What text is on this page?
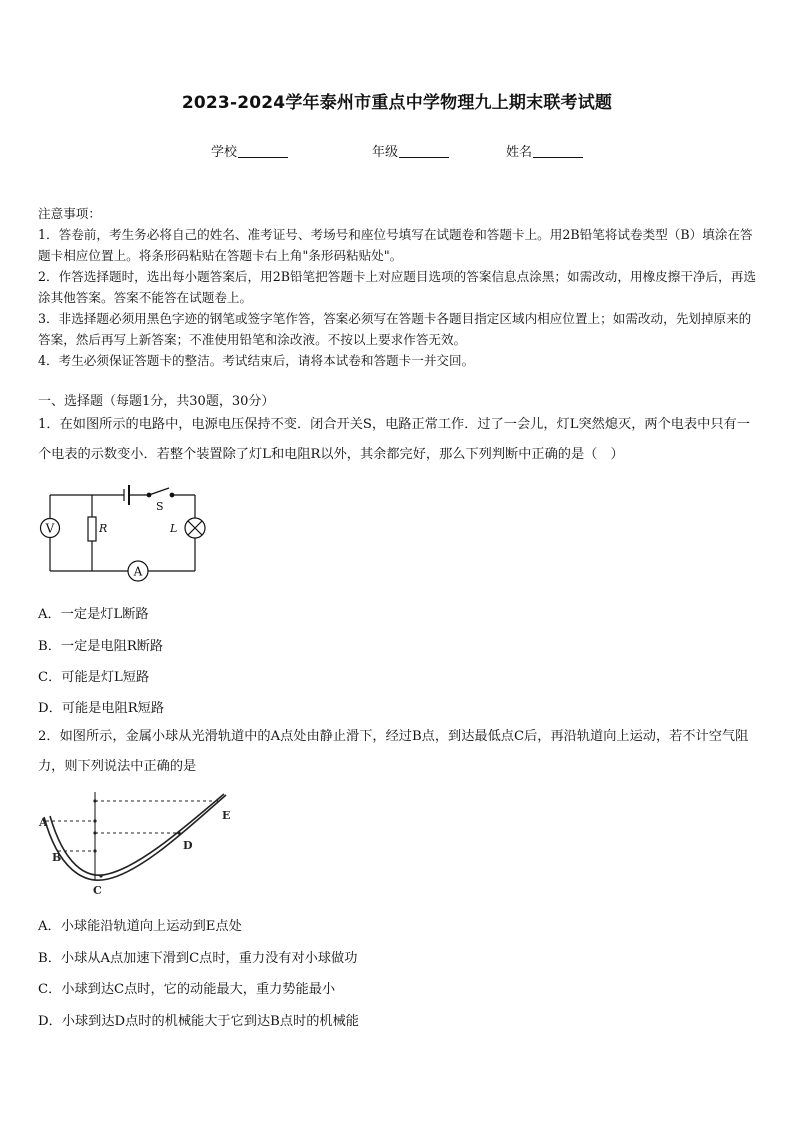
2023-2024学年泰州市重点中学物理九上期末联考试题
学校	年级	姓名
注意事项：
1．答卷前，考生务必将自己的姓名、准考证号、考场号和座位号填写在试题卷和答题卡上。用2B铅笔将试卷类型（B）填涂在答题卡相应位置上。将条形码粘贴在答题卡右上角"条形码粘贴处"。
2．作答选择题时，选出每小题答案后，用2B铅笔把答题卡上对应题目选项的答案信息点涂黑；如需改动，用橡皮擦干净后，再选涂其他答案。答案不能答在试题卷上。
3．非选择题必须用黑色字迹的钢笔或签字笔作答，答案必须写在答题卡各题目指定区域内相应位置上；如需改动，先划掉原来的答案，然后再写上新答案；不准使用铅笔和涂改液。不按以上要求作答无效。
4．考生必须保证答题卡的整洁。考试结束后，请将本试卷和答题卡一并交回。
一、选择题（每题1分，共30题，30分）
1．在如图所示的电路中，电源电压保持不变．闭合开关S，电路正常工作．过了一会儿，灯L突然熄灭，两个电表中只有一个电表的示数变小．若整个装置除了灯L和电阻R以外，其余都完好，那么下列判断中正确的是（　）
V
A
S
R	L
A．一定是灯L断路
B．一定是电阻R断路
C．可能是灯L短路
D．可能是电阻R短路
2．如图所示，金属小球从光滑轨道中的A点处由静止滑下，经过B点，到达最低点C后，再沿轨道向上运动，若不计空气阻力，则下列说法中正确的是
A
B
C
D
E
A．小球能沿轨道向上运动到E点处
B．小球从A点加速下滑到C点时，重力没有对小球做功
C．小球到达C点时，它的动能最大，重力势能最小
D．小球到达D点时的机械能大于它到达B点时的机械能
